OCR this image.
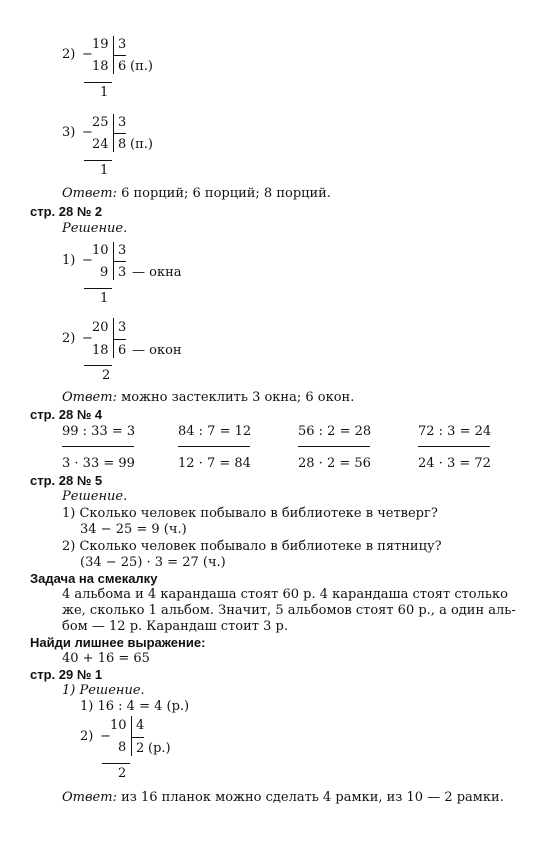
2) −
19
18
3
6 (п.)
1
3) −
25
24
3
8 (п.)
1
Ответ: 6 порций; 6 порций; 8 порций.
стр. 28 № 2
Решение.
1) −
10
9
3
3 — окна
1
2) −
20
18
3
6 — окон
2
Ответ: можно застеклить 3 окна; 6 окон.
стр. 28 № 4
99 : 33 = 3
3 · 33 = 99
84 : 7 = 12
12 · 7 = 84
56 : 2 = 28
28 · 2 = 56
72 : 3 = 24
24 · 3 = 72
стр. 28 № 5
Решение.
1) Сколько человек побывало в библиотеке в четверг?
34 − 25 = 9 (ч.)
2) Сколько человек побывало в библиотеке в пятницу?
(34 − 25) · 3 = 27 (ч.)
Задача на смекалку
4 альбома и 4 карандаша стоят 60 р. 4 карандаша стоят столько
же, сколько 1 альбом. Значит, 5 альбомов стоят 60 р., а один аль-
бом — 12 р. Карандаш стоит 3 р.
Найди лишнее выражение:
40 + 16 = 65
стр. 29 № 1
1) Решение.
1) 16 : 4 = 4 (р.)
2) −
10
8
4
2 (р.)
2
Ответ: из 16 планок можно сделать 4 рамки, из 10 — 2 рамки.
